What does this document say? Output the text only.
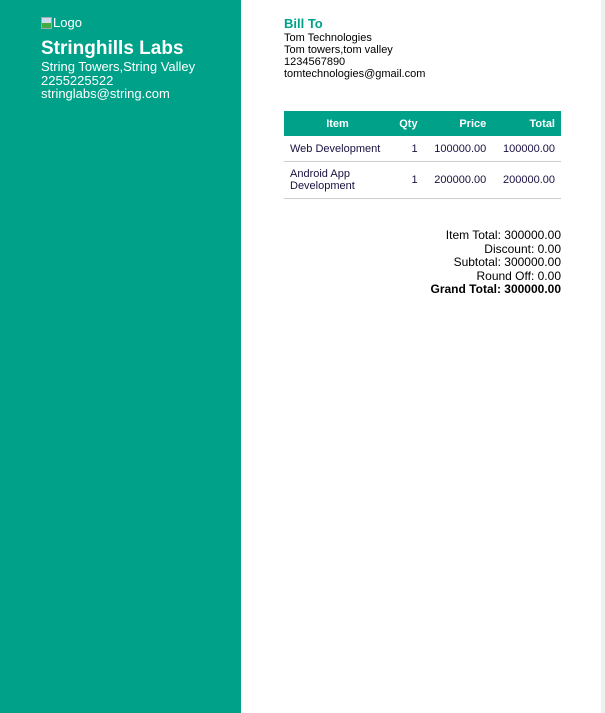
Logo
Stringhills Labs
String Towers,String Valley
2255225522
stringlabs@string.com
Bill To
Tom Technologies
Tom towers,tom valley
1234567890
tomtechnologies@gmail.com
Item	Qty	Price	Total
Web Development	1	100000.00	100000.00
Android App Development	1	200000.00	200000.00
Item Total: 300000.00
Discount: 0.00
Subtotal: 300000.00
Round Off: 0.00
Grand Total: 300000.00
